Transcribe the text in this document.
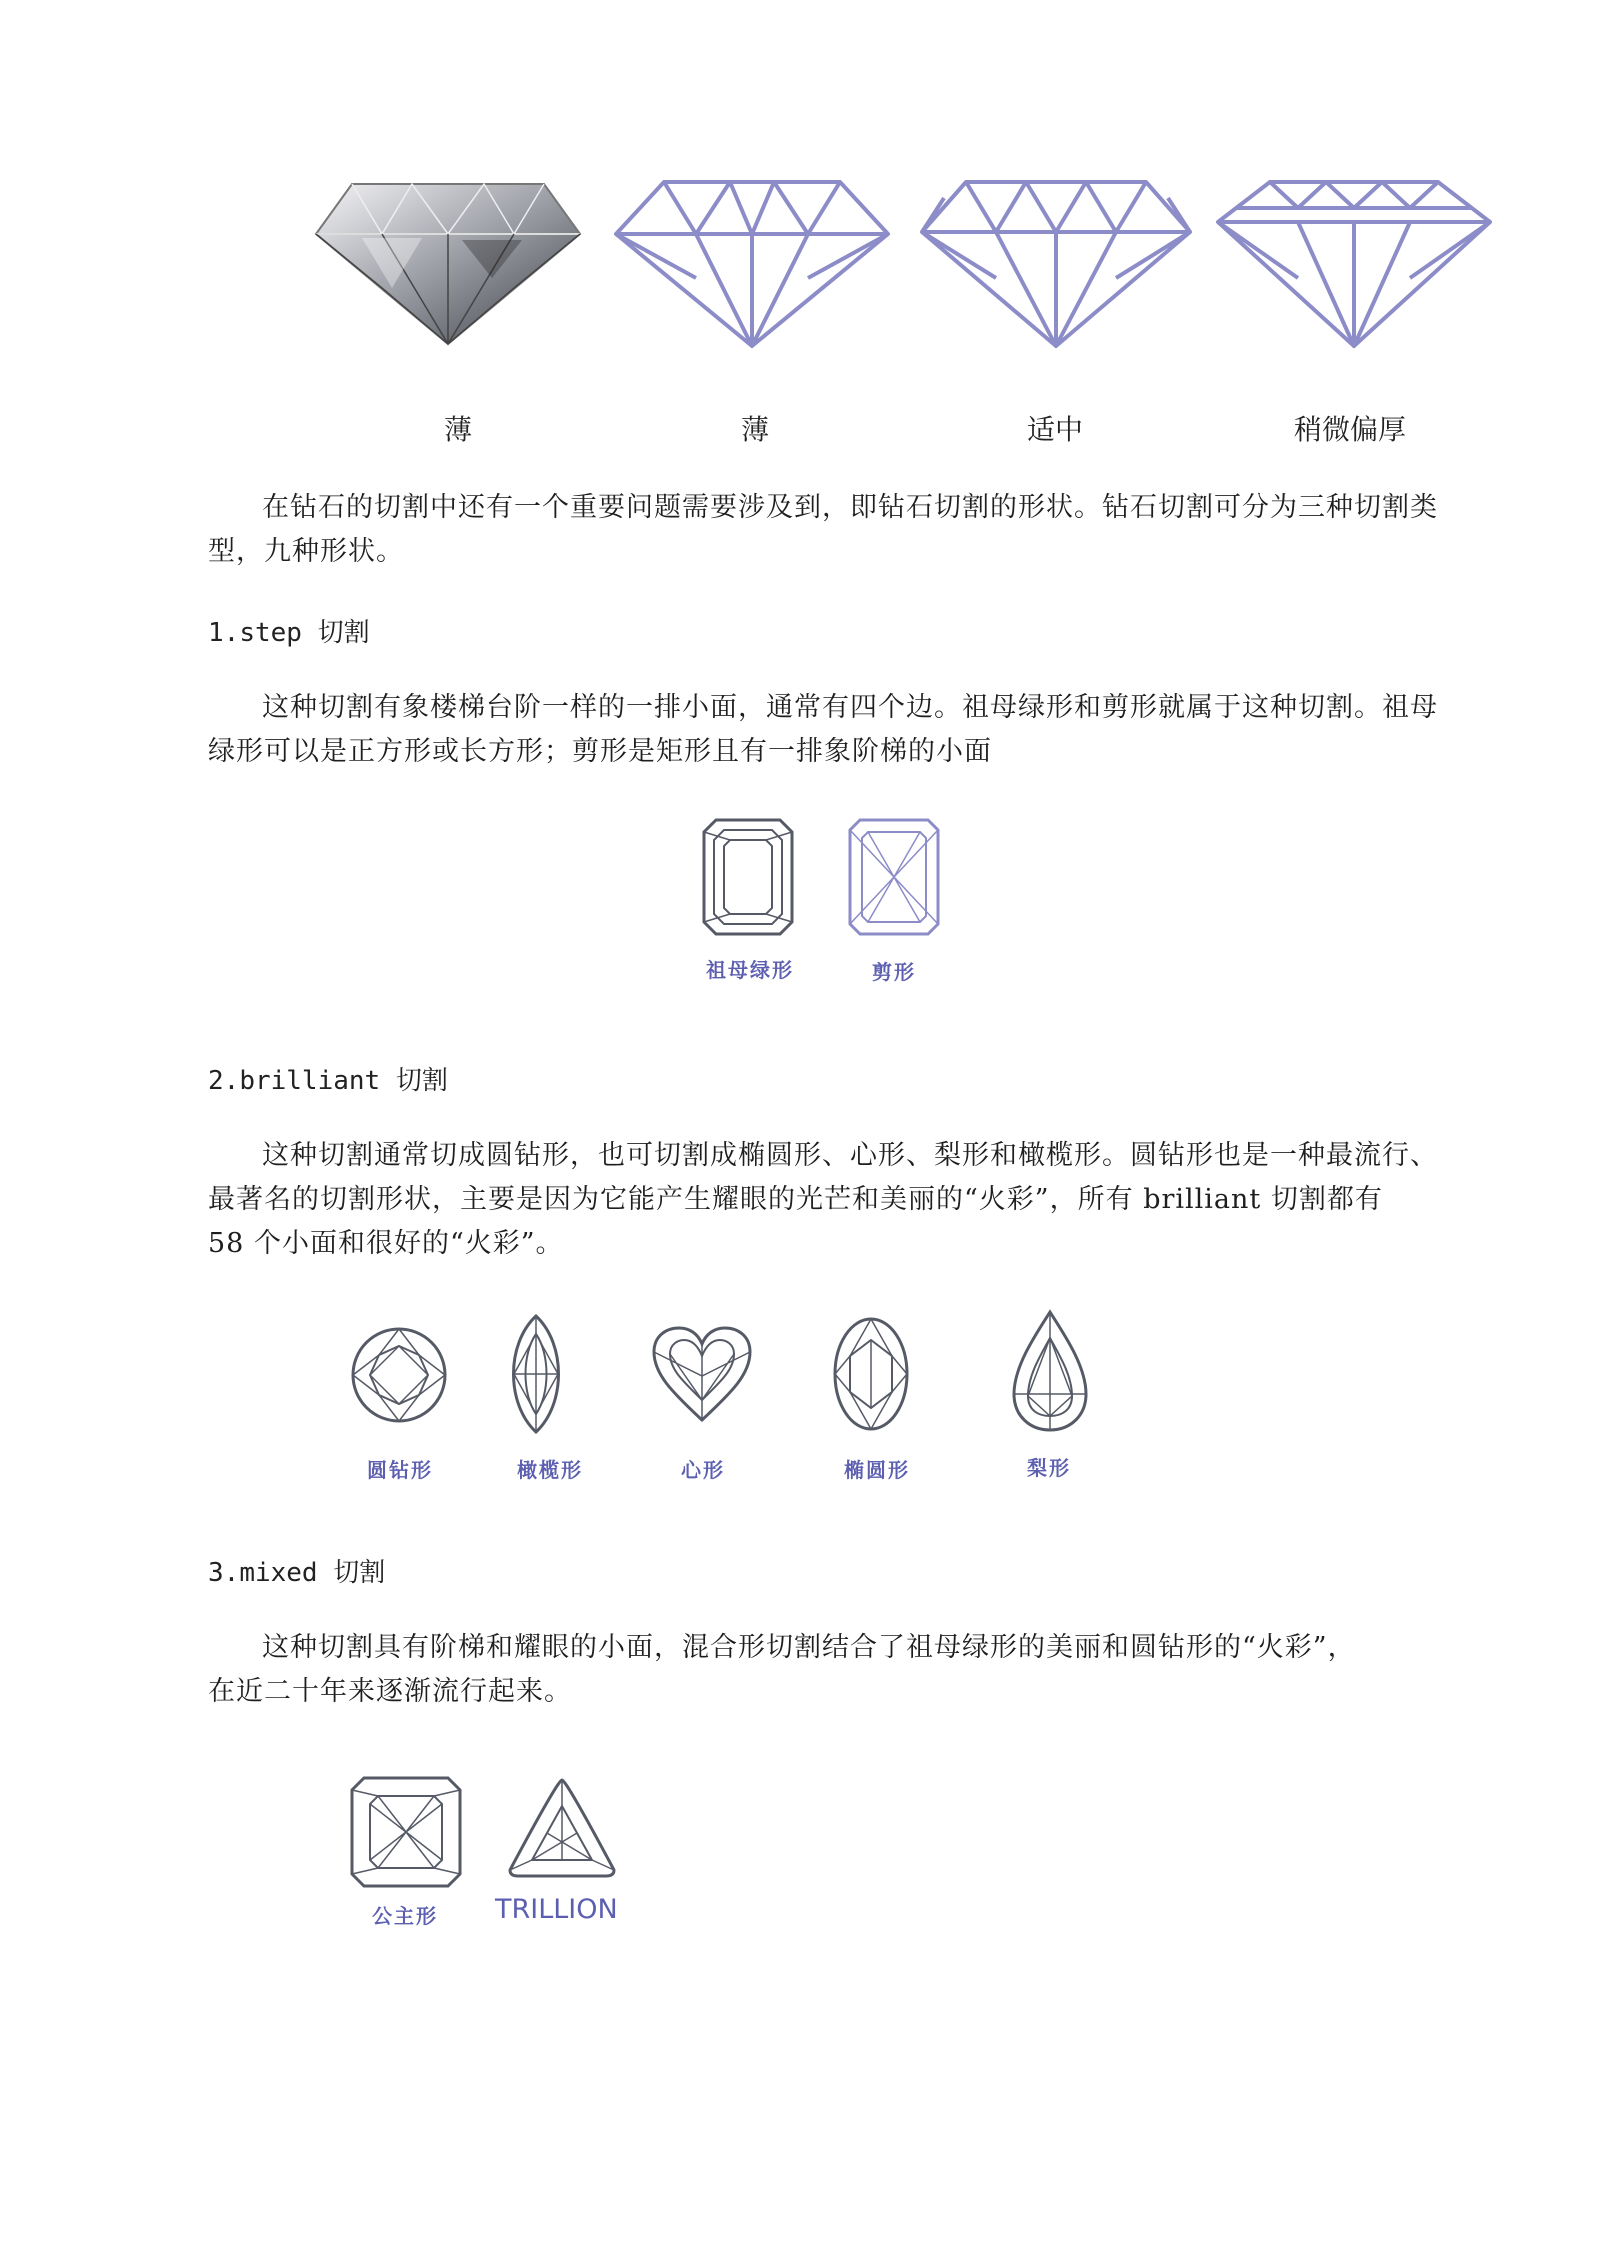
薄	薄	适中	稍微偏厚
在钻石的切割中还有一个重要问题需要涉及到，即钻石切割的形状。钻石切割可分为三种切割类
型，九种形状。
1.step 切割
这种切割有象楼梯台阶一样的一排小面，通常有四个边。祖母绿形和剪形就属于这种切割。祖母
绿形可以是正方形或长方形；剪形是矩形且有一排象阶梯的小面
祖母绿形	剪形
2.brilliant 切割
这种切割通常切成圆钻形，也可切割成椭圆形、心形、梨形和橄榄形。圆钻形也是一种最流行、
最著名的切割形状，主要是因为它能产生耀眼的光芒和美丽的“火彩”，所有 brilliant 切割都有
58 个小面和很好的“火彩”。
圆钻形	橄榄形	心形	椭圆形	梨形
3.mixed 切割
这种切割具有阶梯和耀眼的小面，混合形切割结合了祖母绿形的美丽和圆钻形的“火彩”，
在近二十年来逐渐流行起来。
公主形	TRILLION
